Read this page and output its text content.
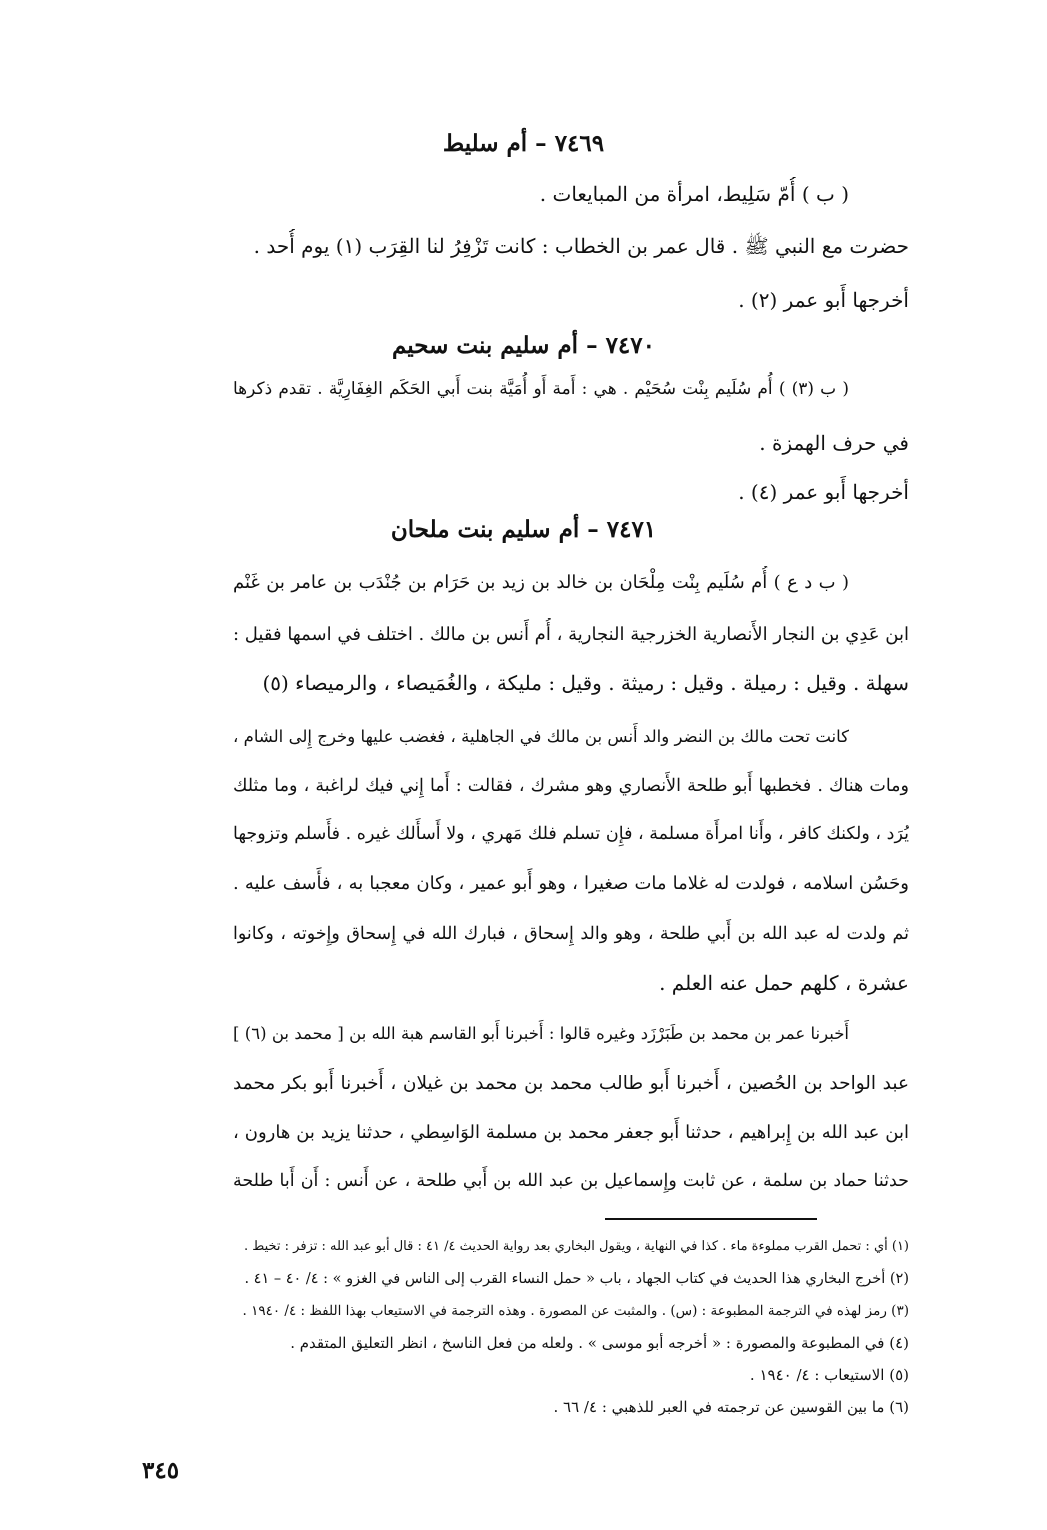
٧٤٦٩ – أم سليط
( ب ) أُمّ سَلِيط، امرأة من المبايعات .
حضرت مع النبي ﷺ . قال عمر بن الخطاب : كانت تَزْفِرُ لنا القِرَب (١) يوم أُحد .
أخرجها أَبو عمر (٢) .
٧٤٧٠ – أم سليم بنت سحيم
( ب (٣) ) أُم سُلَيم بِنْت سُحَيْم . هي : أَمة أَو أُمَيَّة بنت أَبي الحَكَم الغِفَارِيَّة . تقدم ذكرها
في حرف الهمزة .
أخرجها أَبو عمر (٤) .
٧٤٧١ – أم سليم بنت ملحان
( ب د ع ) أُم سُلَيم بِنْت مِلْحَان بن خالد بن زيد بن حَرَام بن جُنْدَب بن عامر بن غَنْم
ابن عَدِي بن النجار الأَنصارية الخزرجية النجارية ، أُم أَنس بن مالك . اختلف في اسمها فقيل :
سهلة . وقيل : رميلة . وقيل : رميثة . وقيل : مليكة ، والغُمَيصاء ، والرميصاء (٥)
كانت تحت مالك بن النضر والد أَنس بن مالك في الجاهلية ، فغضب عليها وخرج إِلى الشام ،
ومات هناك . فخطبها أَبو طلحة الأَنصاري وهو مشرك ، فقالت : أَما إِني فيك لراغبة ، وما مثلك
يُرَد ، ولكنك كافر ، وأَنا امرأَة مسلمة ، فإِن تسلم فلك مَهري ، ولا أَسأَلك غيره . فأَسلم وتزوجها
وحَسُن اسلامه ، فولدت له غلاما مات صغيرا ، وهو أَبو عمير ، وكان معجبا به ، فأَسف عليه .
ثم ولدت له عبد الله بن أَبي طلحة ، وهو والد إِسحاق ، فبارك الله في إِسحاق وإِخوته ، وكانوا
عشرة ، كلهم حمل عنه العلم .
أَخبرنا عمر بن محمد بن طَبَرْزَد وغيره قالوا : أَخبرنا أَبو القاسم هبة الله بن [ محمد بن (٦) ]
عبد الواحد بن الحُصين ، أَخبرنا أَبو طالب محمد بن محمد بن غيلان ، أَخبرنا أَبو بكر محمد
ابن عبد الله بن إِبراهيم ، حدثنا أَبو جعفر محمد بن مسلمة الوَاسِطي ، حدثنا يزيد بن هارون ،
حدثنا حماد بن سلمة ، عن ثابت وإِسماعيل بن عبد الله بن أَبي طلحة ، عن أَنس : أَن أَبا طلحة
(١) أي : تحمل القرب مملوءة ماء . كذا في النهاية ، ويقول البخاري بعد رواية الحديث ٤/ ٤١ : قال أبو عبد الله : تزفر : تخيط .
(٢) أخرج البخاري هذا الحديث في كتاب الجهاد ، باب « حمل النساء القرب إلى الناس في الغزو » : ٤/ ٤٠ – ٤١ .
(٣) رمز لهذه في الترجمة المطبوعة : (س) . والمثبت عن المصورة . وهذه الترجمة في الاستيعاب بهذا اللفظ : ٤/ ١٩٤٠ .
(٤) في المطبوعة والمصورة : « أخرجه أبو موسى » . ولعله من فعل الناسخ ، انظر التعليق المتقدم .
(٥) الاستيعاب : ٤/ ١٩٤٠ .
(٦) ما بين القوسين عن ترجمته في العبر للذهبي : ٤/ ٦٦ .
٣٤٥
